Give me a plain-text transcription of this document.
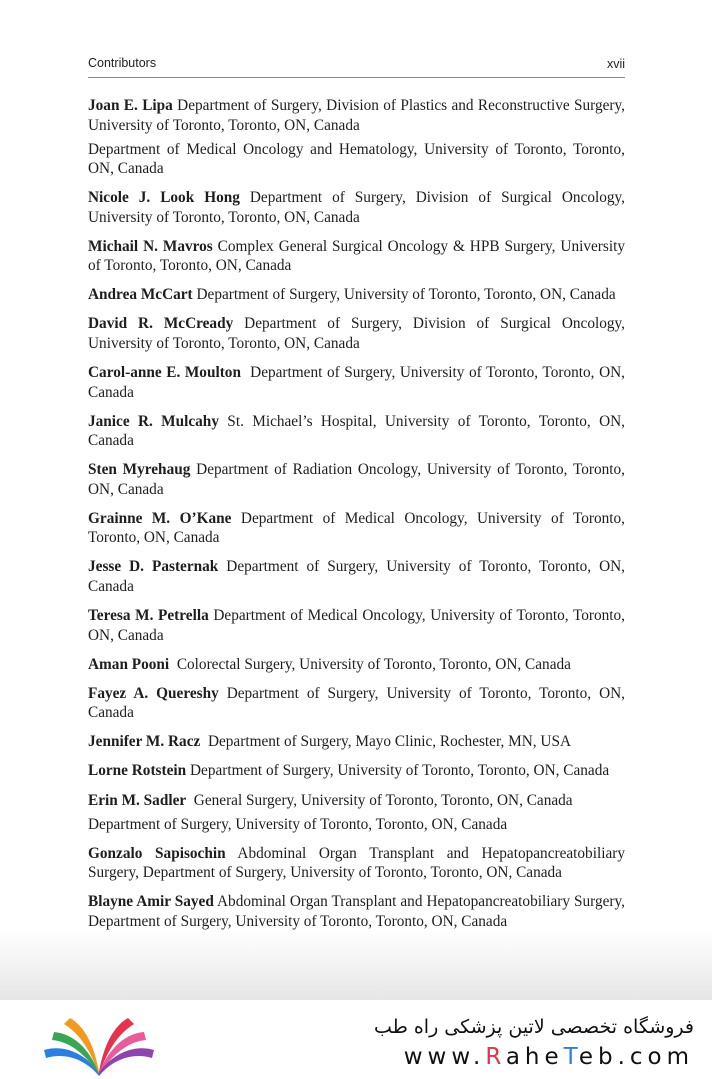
Contributors	xvii

Joan E. Lipa Department of Surgery, Division of Plastics and Reconstructive Surgery, University of Toronto, Toronto, ON, Canada

Department of Medical Oncology and Hematology, University of Toronto, Toronto, ON, Canada

Nicole J. Look Hong Department of Surgery, Division of Surgical Oncology, University of Toronto, Toronto, ON, Canada

Michail N. Mavros Complex General Surgical Oncology & HPB Surgery, University of Toronto, Toronto, ON, Canada

Andrea McCart Department of Surgery, University of Toronto, Toronto, ON, Canada

David R. McCready Department of Surgery, Division of Surgical Oncology, University of Toronto, Toronto, ON, Canada

Carol-anne E. Moulton  Department of Surgery, University of Toronto, Toronto, ON, Canada

Janice R. Mulcahy St. Michael’s Hospital, University of Toronto, Toronto, ON, Canada

Sten Myrehaug Department of Radiation Oncology, University of Toronto, Toronto, ON, Canada

Grainne M. O’Kane Department of Medical Oncology, University of Toronto, Toronto, ON, Canada

Jesse D. Pasternak Department of Surgery, University of Toronto, Toronto, ON, Canada

Teresa M. Petrella Department of Medical Oncology, University of Toronto, Toronto, ON, Canada

Aman Pooni  Colorectal Surgery, University of Toronto, Toronto, ON, Canada

Fayez A. Quereshy Department of Surgery, University of Toronto, Toronto, ON, Canada

Jennifer M. Racz  Department of Surgery, Mayo Clinic, Rochester, MN, USA

Lorne Rotstein Department of Surgery, University of Toronto, Toronto, ON, Canada

Erin M. Sadler  General Surgery, University of Toronto, Toronto, ON, Canada

Department of Surgery, University of Toronto, Toronto, ON, Canada

Gonzalo Sapisochin Abdominal Organ Transplant and Hepatopancreatobiliary Surgery, Department of Surgery, University of Toronto, Toronto, ON, Canada

Blayne Amir Sayed Abdominal Organ Transplant and Hepatopancreatobiliary Surgery, Department of Surgery, University of Toronto, Toronto, ON, Canada

فروشگاه تخصصی لاتین پزشکی راه طب
www.RaheTeb.com
